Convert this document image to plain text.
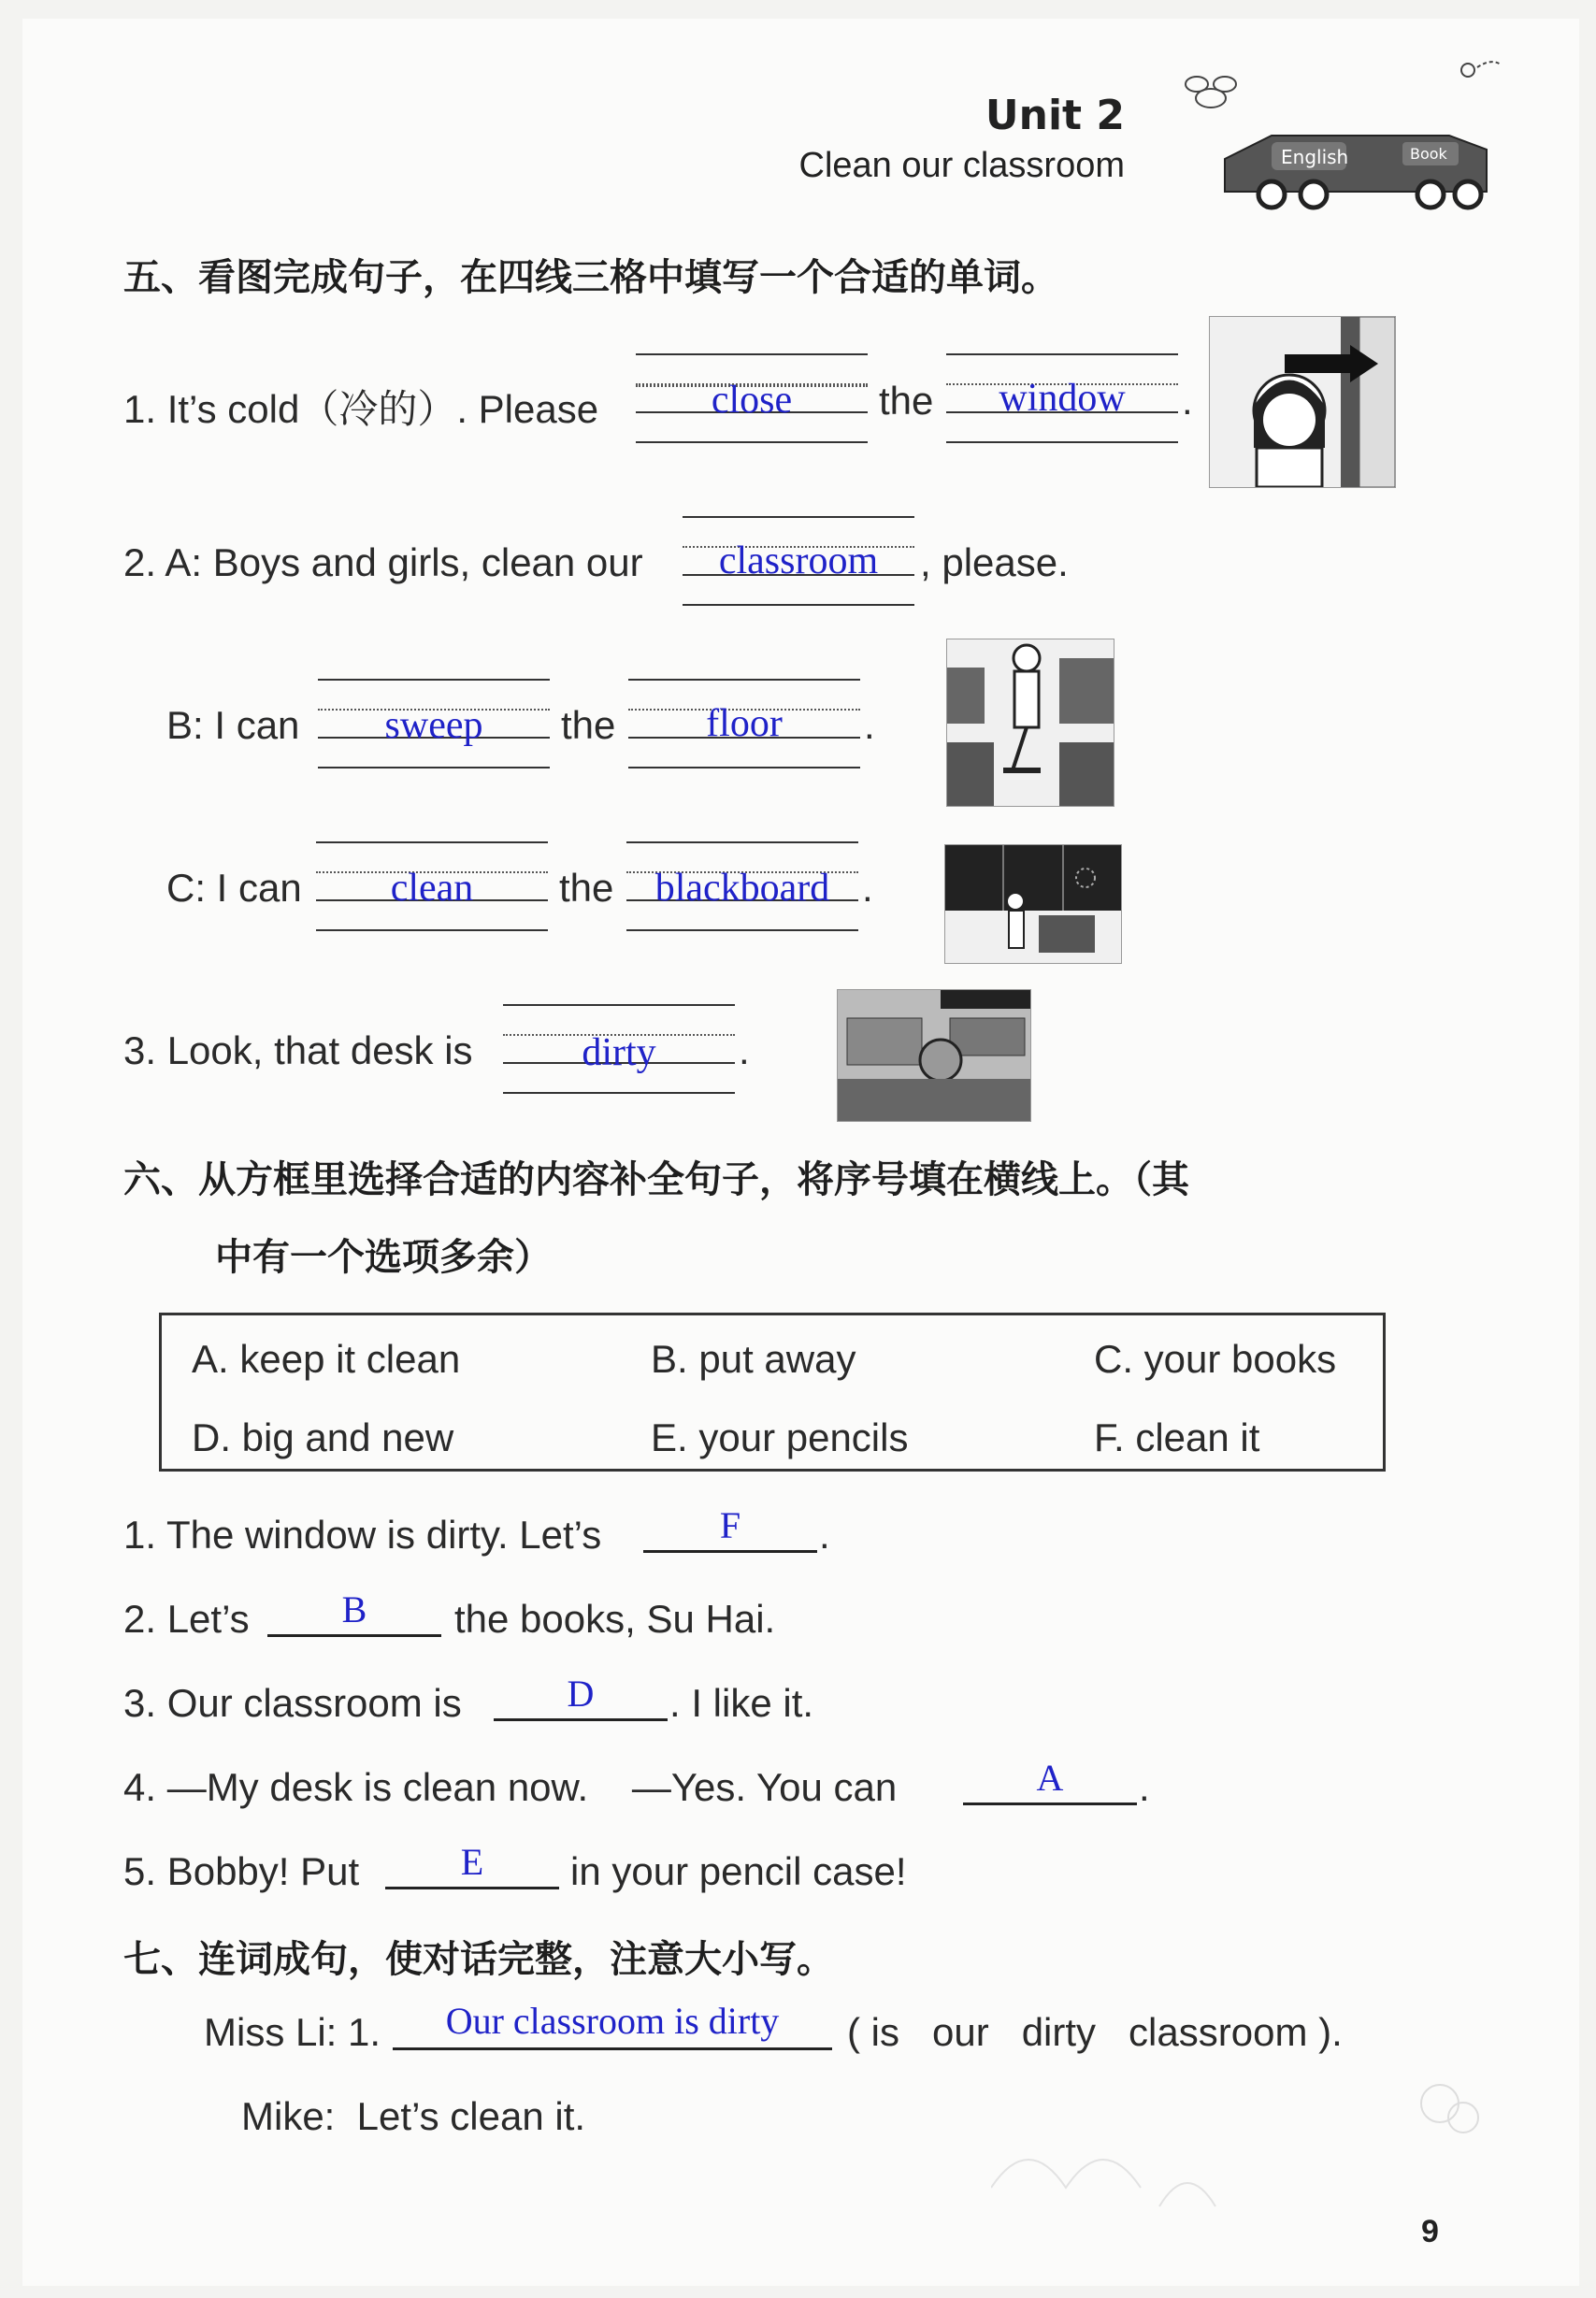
Unit 2
Clean our classroom	English	Book
五、看图完成句子，在四线三格中填写一个合适的单词。
1. It’s cold（冷的）. Please	close	the	window	.
2. A: Boys and girls, clean our	classroom	, please.
B: I can	sweep	the	floor	.
C: I can	clean	the	blackboard .
3. Look, that desk is	dirty	.
六、从方框里选择合适的内容补全句子，将序号填在横线上。（其
中有一个选项多余）
A. keep it clean	B. put away	C. your books
D. big and new	E. your pencils	F. clean it
1. The window is dirty. Let’s	F	.
2. Let’s	B	the books, Su Hai.
3. Our classroom is	D	. I like it.
4. —My desk is clean now.    —Yes. You can	A	.
5. Bobby! Put	E	in your pencil case!
七、连词成句，使对话完整，注意大小写。
Miss Li: 1.	Our classroom is dirty	( is   our   dirty   classroom ).
Mike:  Let’s clean it.
9
